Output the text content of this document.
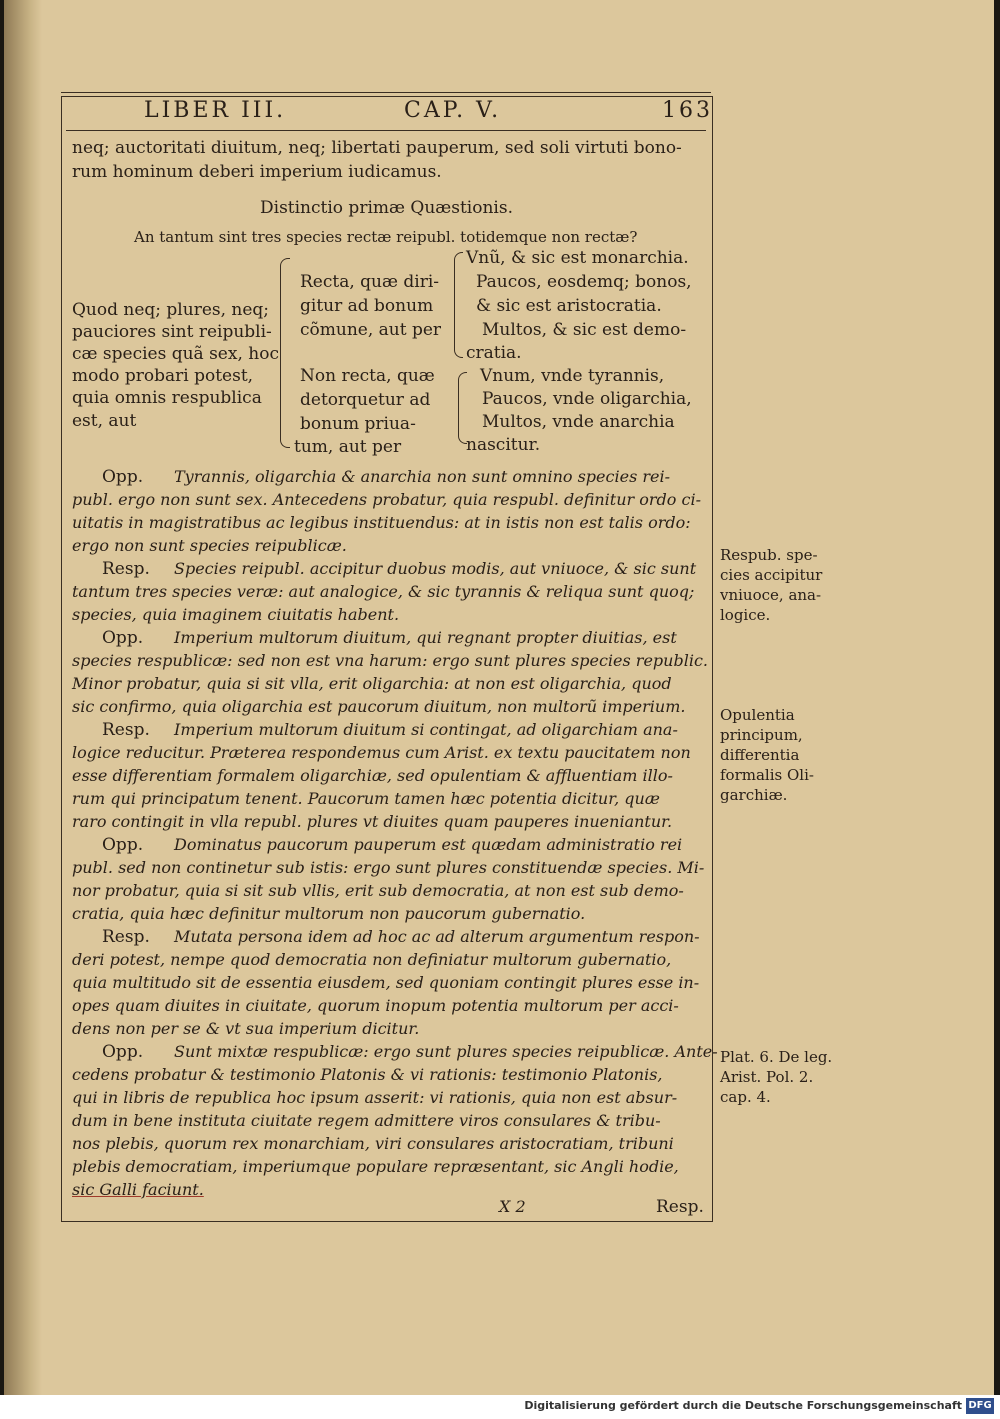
LIBER III.	CAP. V.	163
neq; auctoritati diuitum, neq; libertati pauperum, sed soli virtuti bono-
rum hominum deberi imperium iudicamus.
Distinctio primæ Quæstionis.
An tantum sint tres species rectæ reipubl. totidemque non rectæ?
Quod neq; plures, neq;
pauciores sint reipubli-
cæ species quã sex, hoc
modo probari potest,
quia omnis respublica
est, aut
Recta, quæ diri-
gitur ad bonum
cõmune, aut per
Vnũ, & sic est monarchia.
Paucos, eosdemq; bonos,
& sic est aristocratia.
Multos, & sic est demo-
cratia.
Non recta, quæ
detorquetur ad
bonum priua-
tum, aut per
Vnum, vnde tyrannis,
Paucos, vnde oligarchia,
Multos, vnde anarchia
nascitur.
Opp. Tyrannis, oligarchia & anarchia non sunt omnino species rei-
publ. ergo non sunt sex. Antecedens probatur, quia respubl. definitur ordo ci-
uitatis in magistratibus ac legibus instituendus: at in istis non est talis ordo:
ergo non sunt species reipublicæ.
Resp. Species reipubl. accipitur duobus modis, aut vniuoce, & sic sunt
tantum tres species veræ: aut analogice, & sic tyrannis & reliqua sunt quoq;
species, quia imaginem ciuitatis habent.
Opp. Imperium multorum diuitum, qui regnant propter diuitias, est
species respublicæ: sed non est vna harum: ergo sunt plures species republic.
Minor probatur, quia si sit vlla, erit oligarchia: at non est oligarchia, quod
sic confirmo, quia oligarchia est paucorum diuitum, non multorũ imperium.
Resp. Imperium multorum diuitum si contingat, ad oligarchiam ana-
logice reducitur. Præterea respondemus cum Arist. ex textu paucitatem non
esse differentiam formalem oligarchiæ, sed opulentiam & affluentiam illo-
rum qui principatum tenent. Paucorum tamen hæc potentia dicitur, quæ
raro contingit in vlla republ. plures vt diuites quam pauperes inueniantur.
Opp. Dominatus paucorum pauperum est quædam administratio rei
publ. sed non continetur sub istis: ergo sunt plures constituendæ species. Mi-
nor probatur, quia si sit sub vllis, erit sub democratia, at non est sub demo-
cratia, quia hæc definitur multorum non paucorum gubernatio.
Resp. Mutata persona idem ad hoc ac ad alterum argumentum respon-
deri potest, nempe quod democratia non definiatur multorum gubernatio,
quia multitudo sit de essentia eiusdem, sed quoniam contingit plures esse in-
opes quam diuites in ciuitate, quorum inopum potentia multorum per acci-
dens non per se & vt sua imperium dicitur.
Opp. Sunt mixtæ respublicæ: ergo sunt plures species reipublicæ. Ante-
cedens probatur & testimonio Platonis & vi rationis: testimonio Platonis,
qui in libris de republica hoc ipsum asserit: vi rationis, quia non est absur-
dum in bene instituta ciuitate regem admittere viros consulares & tribu-
nos plebis, quorum rex monarchiam, viri consulares aristocratiam, tribuni
plebis democratiam, imperiumque populare repræsentant, sic Angli hodie,
sic Galli faciunt.
X 2	Resp.
Respub. spe-
cies accipitur
vniuoce, ana-
logice.
Opulentia
principum,
differentia
formalis Oli-
garchiæ.
Plat. 6. De leg.
Arist. Pol. 2.
cap. 4.
Digitalisierung gefördert durch die Deutsche Forschungsgemeinschaft DFG
